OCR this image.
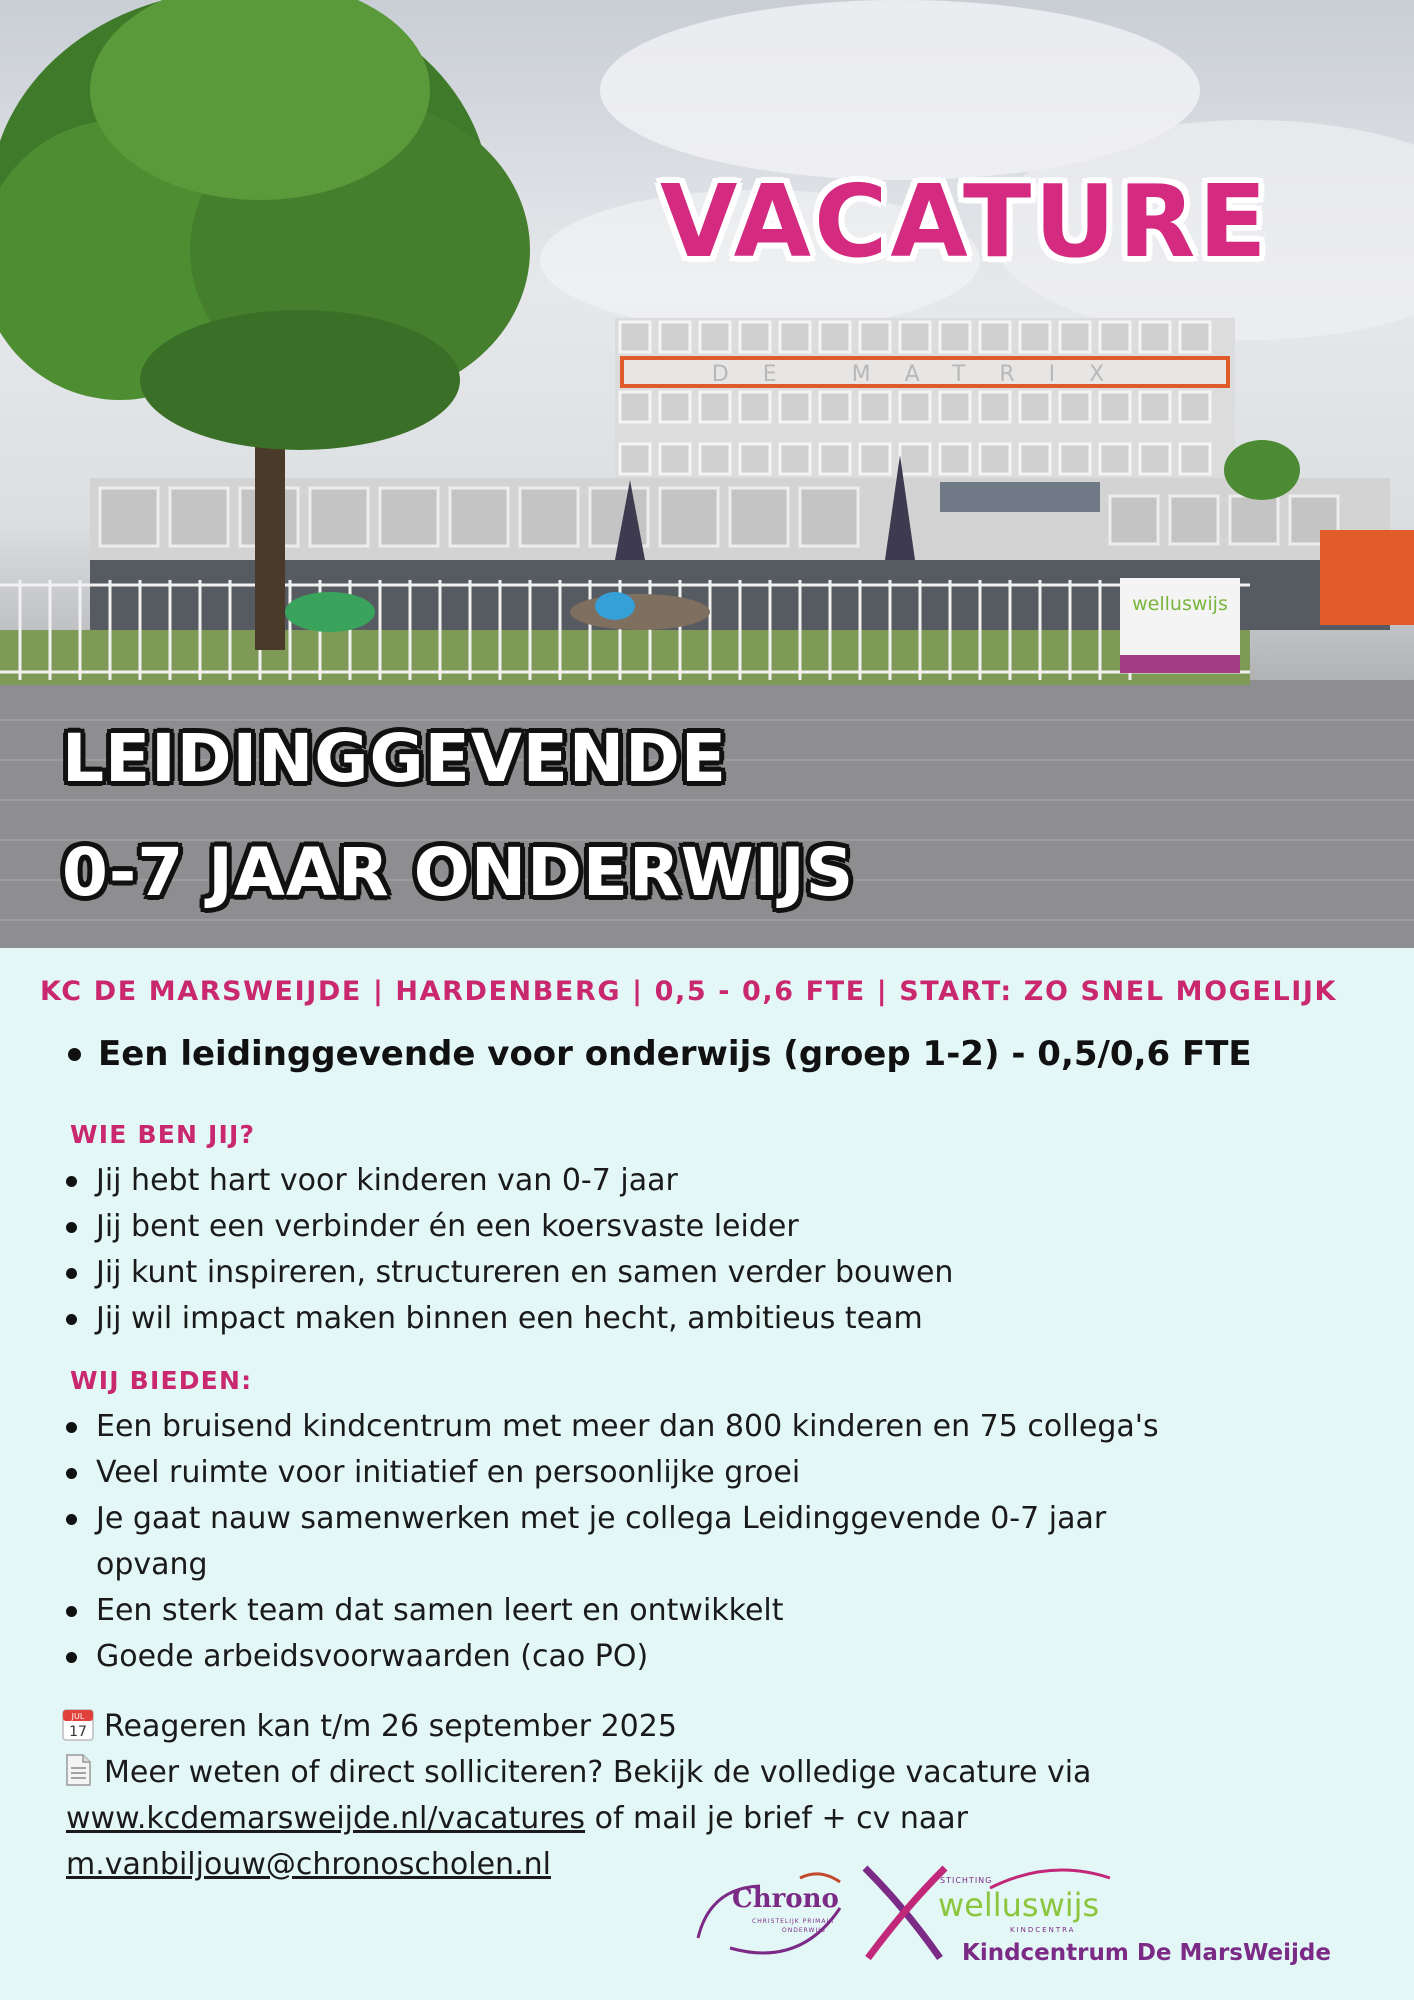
DE MATRIX
welluswijs
VACATURE
LEIDINGGEVENDE
0-7 JAAR ONDERWIJS
KC DE MARSWEIJDE | HARDENBERG | 0,5 - 0,6 FTE | START: ZO SNEL MOGELIJK
Een leidinggevende voor onderwijs (groep 1-2) - 0,5/0,6 FTE
WIE BEN JIJ?
Jij hebt hart voor kinderen van 0-7 jaar
Jij bent een verbinder én een koersvaste leider
Jij kunt inspireren, structureren en samen verder bouwen
Jij wil impact maken binnen een hecht, ambitieus team
WIJ BIEDEN:
Een bruisend kindcentrum met meer dan 800 kinderen en 75 collega's
Veel ruimte voor initiatief en persoonlijke groei
Je gaat nauw samenwerken met je collega Leidinggevende 0-7 jaar
opvang
Een sterk team dat samen leert en ontwikkelt
Goede arbeidsvoorwaarden (cao PO)
JUL
17 Reageren kan t/m 26 september 2025
Meer weten of direct solliciteren? Bekijk de volledige vacature via
www.kcdemarsweijde.nl/vacatures of mail je brief + cv naar
m.vanbiljouw@chronoscholen.nl
Chrono
CHRISTELIJK PRIMAIR
ONDERWIJS
STICHTING
welluswijs
KINDCENTRA
Kindcentrum De MarsWeijde
